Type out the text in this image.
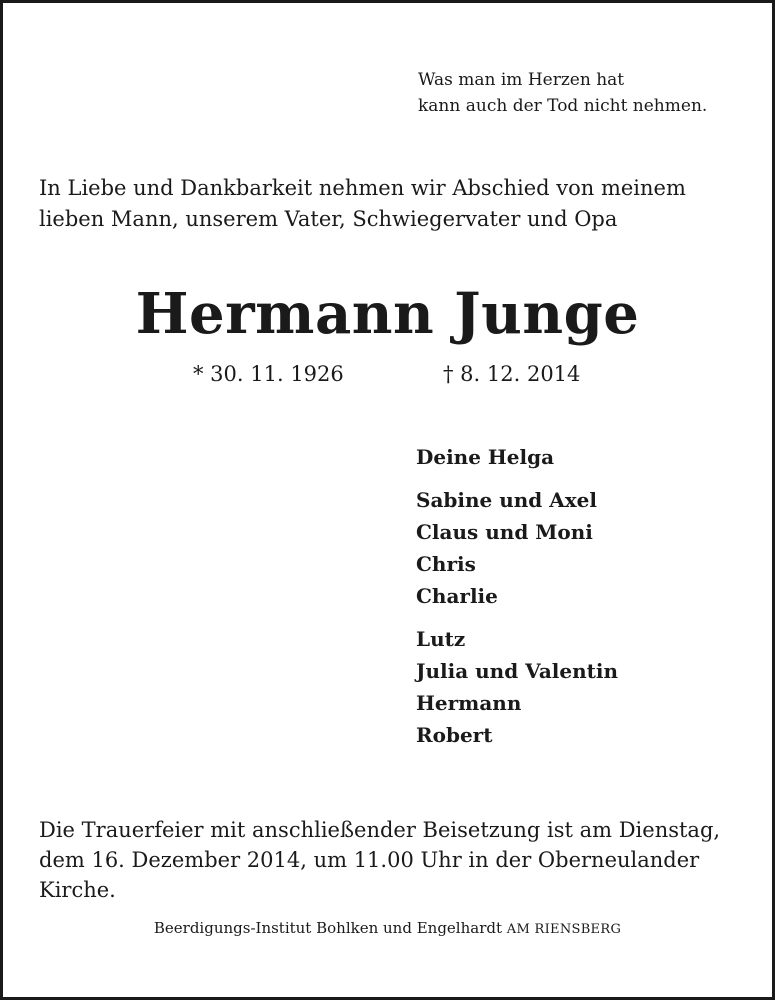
Was man im Herzen hat
kann auch der Tod nicht nehmen.

In Liebe und Dankbarkeit nehmen wir Abschied von meinem
lieben Mann, unserem Vater, Schwiegervater und Opa

Hermann Junge
* 30. 11. 1926	† 8. 12. 2014
Deine Helga
Sabine und Axel
Claus und Moni
Chris
Charlie
Lutz
Julia und Valentin
Hermann
Robert

Die Trauerfeier mit anschließender Beisetzung ist am Dienstag,
dem 16. Dezember 2014, um 11.00 Uhr in der Oberneulander
Kirche.

Beerdigungs-Institut Bohlken und Engelhardt AM RIENSBERG
